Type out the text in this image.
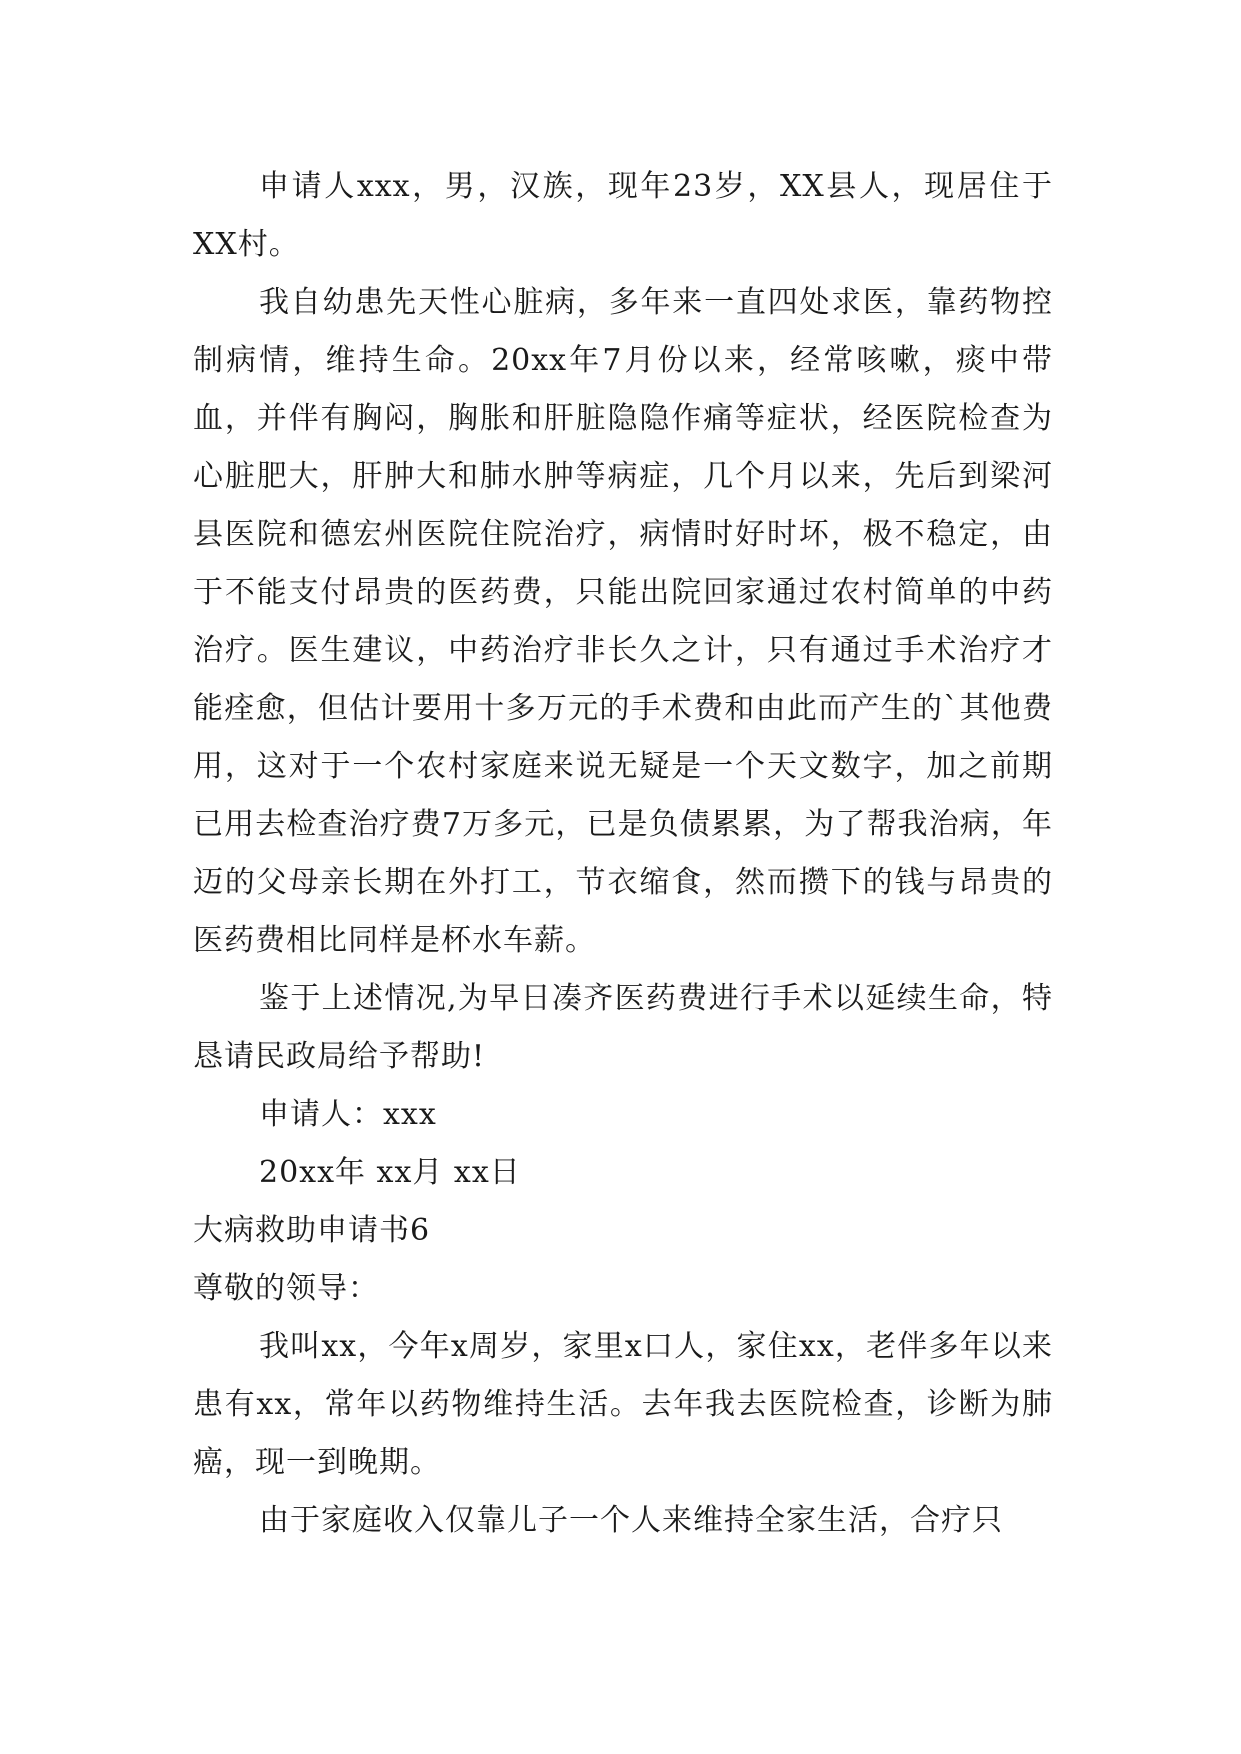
申请人xxx，男，汉族，现年23岁，XX县人，现居住于XX村。

我自幼患先天性心脏病，多年来一直四处求医，靠药物控制病情，维持生命。20xx年7月份以来，经常咳嗽，痰中带血，并伴有胸闷，胸胀和肝脏隐隐作痛等症状，经医院检查为心脏肥大，肝肿大和肺水肿等病症，几个月以来，先后到梁河县医院和德宏州医院住院治疗，病情时好时坏，极不稳定，由于不能支付昂贵的医药费，只能出院回家通过农村简单的中药治疗。医生建议，中药治疗非长久之计，只有通过手术治疗才能痊愈，但估计要用十多万元的手术费和由此而产生的`其他费用，这对于一个农村家庭来说无疑是一个天文数字，加之前期已用去检查治疗费7万多元，已是负债累累，为了帮我治病，年迈的父母亲长期在外打工，节衣缩食，然而攒下的钱与昂贵的医药费相比同样是杯水车薪。

鉴于上述情况,为早日凑齐医药费进行手术以延续生命，特恳请民政局给予帮助!

申请人：xxx

20xx年 xx月 xx日

大病救助申请书6

尊敬的领导：

我叫xx，今年x周岁，家里x口人，家住xx，老伴多年以来患有xx，常年以药物维持生活。去年我去医院检查，诊断为肺癌，现一到晚期。

由于家庭收入仅靠儿子一个人来维持全家生活，合疗只
